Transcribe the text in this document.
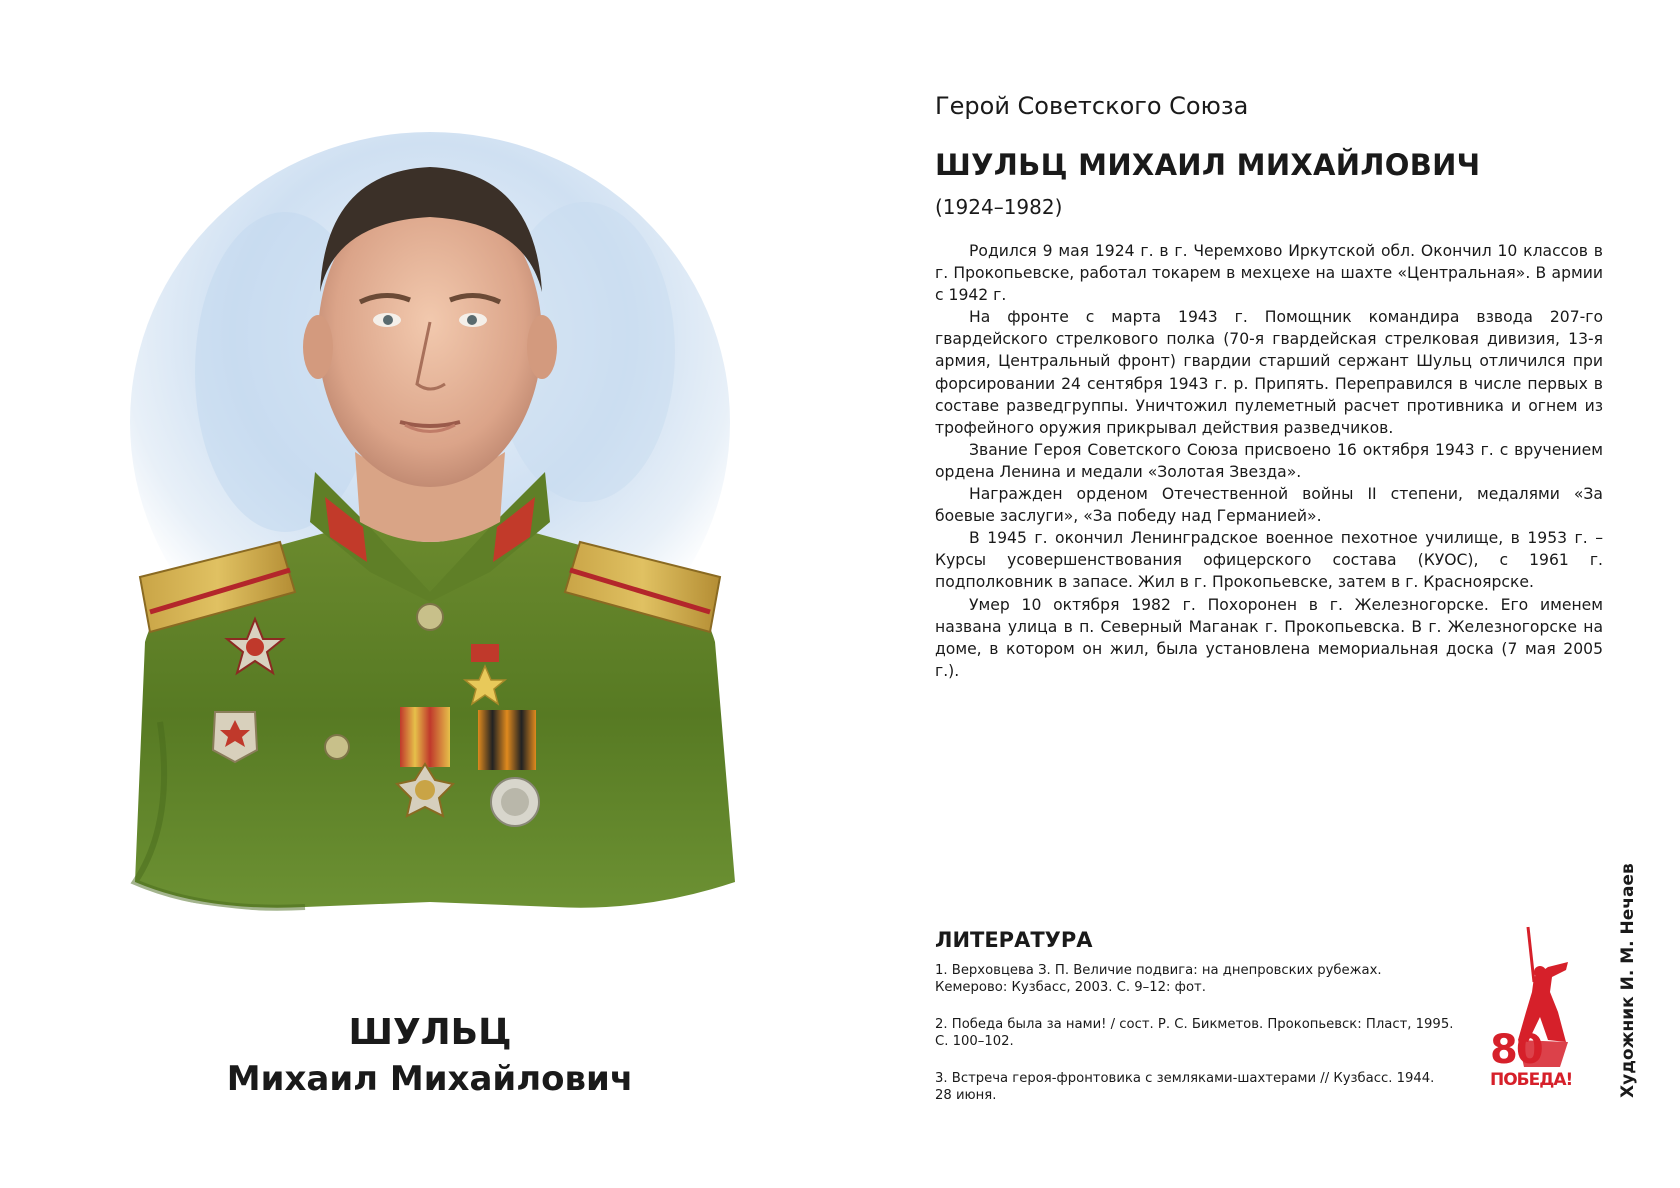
ШУЛЬЦ
Михаил Михайлович
Герой Советского Союза
ШУЛЬЦ МИХАИЛ МИХАЙЛОВИЧ
(1924–1982)

Родился 9 мая 1924 г. в г. Черемхово Иркутской обл. Окончил 10 классов в г. Прокопьевске, работал токарем в мехцехе на шахте «Центральная». В армии с 1942 г.

На фронте с марта 1943 г. Помощник командира взвода 207-го гвардейского стрелкового полка (70-я гвардейская стрелковая дивизия, 13-я армия, Центральный фронт) гвардии старший сержант Шульц отличился при форсировании 24 сентября 1943 г. р. Припять. Переправился в числе первых в составе разведгруппы. Уничтожил пулеметный расчет противника и огнем из трофейного оружия прикрывал действия разведчиков.

Звание Героя Советского Союза присвоено 16 октября 1943 г. с вручением ордена Ленина и медали «Золотая Звезда».

Награжден орденом Отечественной войны II степени, медалями «За боевые заслуги», «За победу над Германией».

В 1945 г. окончил Ленинградское военное пехотное училище, в 1953 г. – Курсы усовершенствования офицерского состава (КУОС), с 1961 г. подполковник в запасе. Жил в г. Прокопьевске, затем в г. Красноярске.

Умер 10 октября 1982 г. Похоронен в г. Железногорске. Его именем названа улица в п. Северный Маганак г. Прокопьевска. В г. Железногорске на доме, в котором он жил, была установлена мемориальная доска (7 мая 2005 г.).

ЛИТЕРАТУРА
1. Верховцева З. П. Величие подвига: на днепровских рубежах. Кемерово: Кузбасс, 2003. С. 9–12: фот.
2. Победа была за нами! / сост. Р. С. Бикметов. Прокопьевск: Пласт, 1995. С. 100–102.
3. Встреча героя-фронтовика с земляками-шахтерами // Кузбасс. 1944. 28 июня.
80
ПОБЕДА!	Художник И. М. Нечаев
